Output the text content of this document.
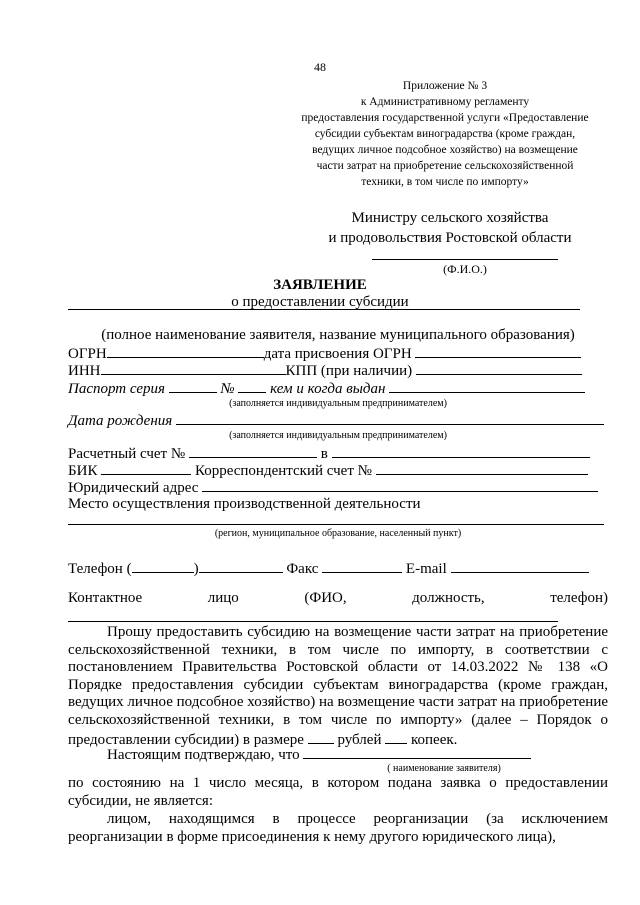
48
Приложение № 3
к Административному регламенту
предоставления государственной услуги «Предоставление
субсидии субъектам виноградарства (кроме граждан,
ведущих личное подсобное хозяйство) на возмещение
части затрат на приобретение сельскохозяйственной
техники, в том числе по импорту»
Министру сельского хозяйства
и продовольствия Ростовской области
(Ф.И.О.)
ЗАЯВЛЕНИЕ
о предоставлении субсидии
(полное наименование заявителя, название муниципального образования)
ОГРН	дата присвоения ОГРН
ИНН	КПП (при наличии)
Паспорт серия	№ кем и когда выдан
(заполняется индивидуальным предпринимателем)
Дата рождения
(заполняется индивидуальным предпринимателем)
Расчетный счет №	в
БИК	Корреспондентский счет №
Юридический адрес
Место осуществления производственной деятельности
(регион, муниципальное образование, населенный пункт)
Телефон (	)	Факс	E-mail
Контактное	лицо	(ФИО,	должность,	телефон)
Прошу предоставить субсидию на возмещение части затрат на приобретение сельскохозяйственной техники, в том числе по импорту, в соответствии с постановлением Правительства Ростовской области от 14.03.2022 № 138 «О Порядке предоставления субсидии субъектам виноградарства (кроме граждан, ведущих личное подсобное хозяйство) на возмещение части затрат на приобретение сельскохозяйственной техники, в том числе по импорту» (далее – Порядок о предоставлении субсидии) в размере рублей копеек.
Настоящим подтверждаю, что
( наименование заявителя)
по состоянию на 1 число месяца, в котором подана заявка о предоставлении субсидии, не является:
лицом, находящимся в процессе реорганизации (за исключением реорганизации в форме присоединения к нему другого юридического лица),
